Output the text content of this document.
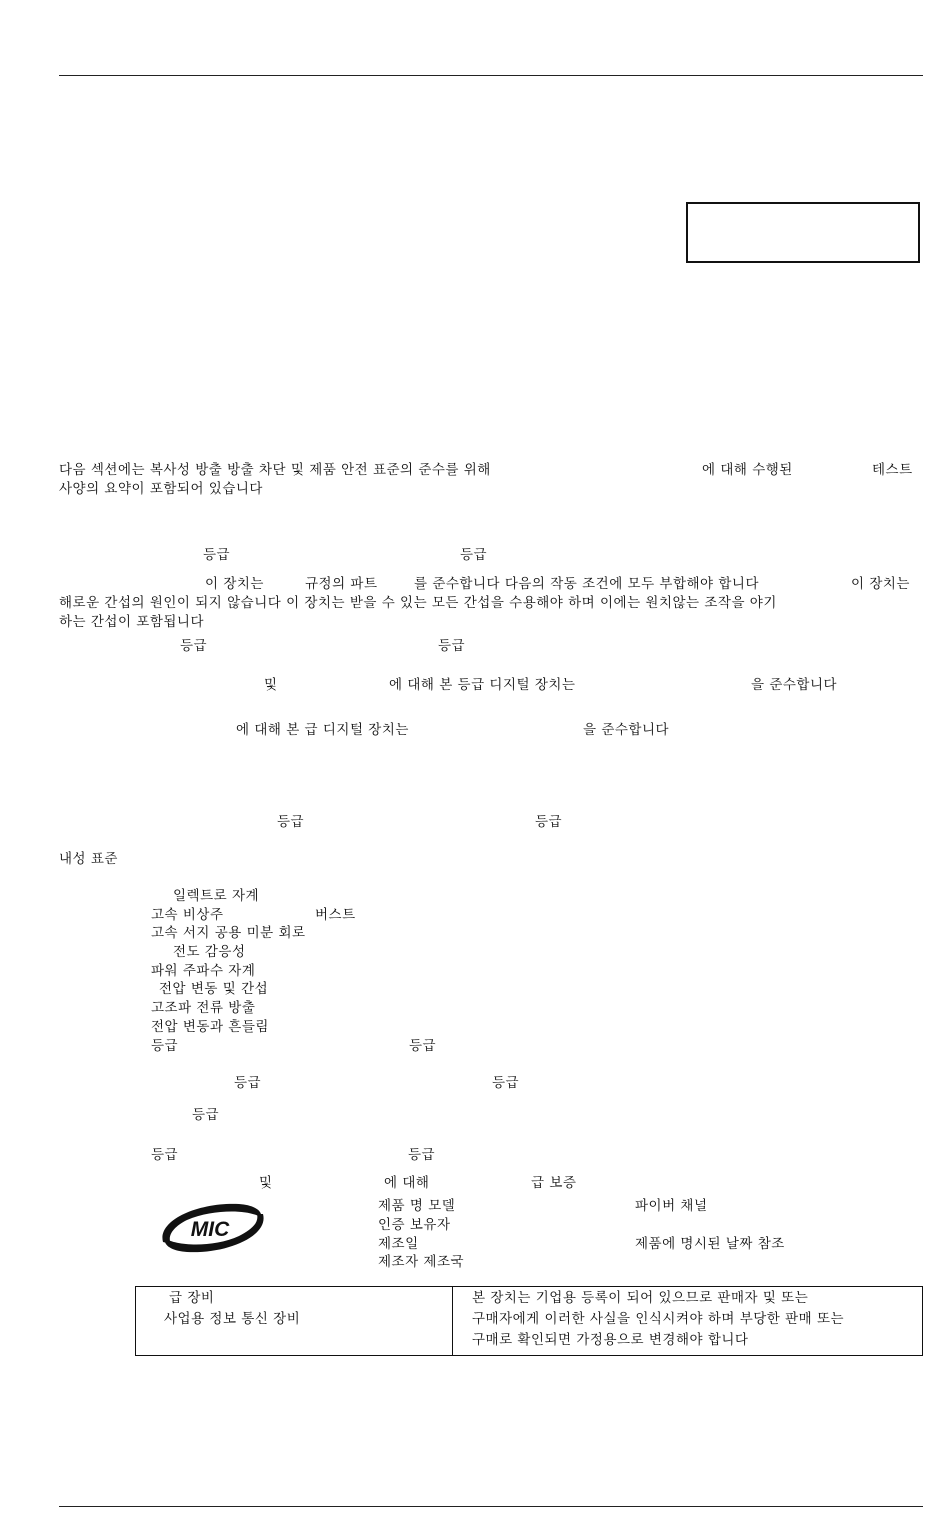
다음 섹션에는 복사성 방출 방출 차단 및 제품 안전 표준의 준수를 위해	에 대해 수행된	테스트
사양의 요약이 포함되어 있습니다
등급	등급
이 장치는	규정의 파트	를 준수합니다 다음의 작동 조건에 모두 부합해야 합니다	이 장치는
해로운 간섭의 원인이 되지 않습니다 이 장치는 받을 수 있는 모든 간섭을 수용해야 하며 이에는 원치않는 조작을 야기
하는 간섭이 포함됩니다
등급	등급
및	에 대해 본 등급 디지털 장치는	을 준수합니다
에 대해 본 급 디지털 장치는	을 준수합니다
등급	등급
내성 표준
일렉트로 자계
고속 비상주	버스트
고속 서지 공용 미분 회로
전도 감응성
파워 주파수 자계
전압 변동 및 간섭
고조파 전류 방출
전압 변동과 흔들림
등급	등급
등급	등급
등급
등급	등급
및	에 대해	급 보증
MIC
제품 명 모델	파이버 채널
인증 보유자
제조일	제품에 명시된 날짜 참조
제조자 제조국
급 장비
사업용 정보 통신 장비

본 장치는 기업용 등록이 되어 있으므로 판매자 및 또는
구매자에게 이러한 사실을 인식시켜야 하며 부당한 판매 또는
구매로 확인되면 가정용으로 변경해야 합니다
